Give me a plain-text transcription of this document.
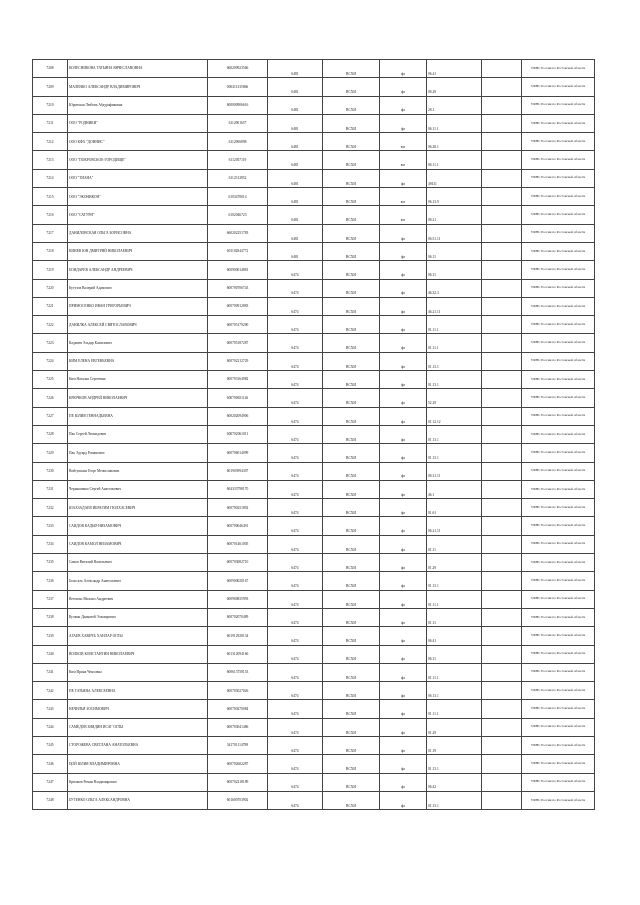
7208	КОЛЕСНИКОВА ТАТЬЯНА ВЯЧЕСЛАВОВНА	660200923566	6481	ВСХИ	фл	06.41		УФНС России по Ростовской области
7209	МАЛЕНКО АЛЕКСАНДР ВЛАДИМИРОВИЧ	000411335866	6481	ВСХИ	фл	06.29		УФНС России по Ростовской области
7210	Юровская Любовь Абдурафиковна	600000906616	6481	ВСХИ	фл	28.1		УФНС России по Ростовской области
7211	ООО "РОДНИКИ"	6112901657	6481	ВСХИ	фл	06.11.1		УФНС России по Ростовской области
7212	ООО КФХ "ДОННИС"	6112906898	6481	ВСХИ	юл	06.28.1		УФНС России по Ростовской области
7213	ООО "ПОКРОВСКОЕ-ГОРОДИЩЕ"	6112057119	6481	ВСХИ	юл	06.11.1		УФНС России по Ростовской области
7214	ООО "ТИАНА"	6112312852	6481	ВСХИ	фл	49411		УФНС России по Ростовской области
7215	ООО "ЭКОНИКОН"	6103478014	6481	ВСХИ	юл	06.13.9		УФНС России по Ростовской области
7216	ООО "САТУРН"	6102046723	6481	ВСХИ	юл	06.21		УФНС России по Ростовской области
7217	ДАНИЛОВСКАЯ ОЛЬГА БОРИСОВНА	660202251783	6481	ВСХИ	фл	06.51.11		УФНС России по Ростовской области
7218	КИНЕВ ЮН ДМИТРИЙ НИКОЛАЕВИЧ	601102844772	6481	ВСХИ	фл	06.11		УФНС России по Ростовской области
7219	БОНДАРЕВ АЛЕКСАНДР АНДРЕЕВИЧ	600900014881	6474	ВСХИ	фл	06.11		УФНС России по Ростовской области
7220	Кутузов Валерий Адамович	600700706743	6474	ВСХИ	фл	46.32.3		УФНС России по Ростовской области
7221	ПРИМОСЕНКО ИВАН ГРИГОРЬЕВИЧ	600700912883	6474	ВСХИ	фл	46.21.11		УФНС России по Ростовской области
7222	ДАНИЛКА АЛЕКСЕЙ СВЯТОСЛАВОВИЧ	600705179290	6474	ВСХИ	фл	01.11.1		УФНС России по Ростовской области
7223	Кадмаев Эльдар Камилович	600705187287	6474	ВСХИ	фл	01.11.1		УФНС России по Ростовской области
7224	КИМ ЕЛЕНА ЕВГЕНЬЕВНА	600702212729	6474	ВСХИ	фл	01.13.1		УФНС России по Ростовской области
7225	Ким Наталья Сергеевна	600703164982	6474	ВСХИ	фл	01.13.1		УФНС России по Ростовской области
7226	КРЮЧКОВ АНДРЕЙ НИКОЛАЕВИЧ	600700651126	6474	ВСХИ	фл	52.29		УФНС России по Ростовской области
7227	ПЕ ЮЛИЯ ГЕННАДЬЕВНА	600202094906	6474	ВСХИ	фл	01.12.12		УФНС России по Ростовской области
7228	Пак Сергей Леонидович	600702061011	6474	ВСХИ	фл	01.13.1		УФНС России по Ростовской области
7229	Пак Эдуард Романович	600706014099	6474	ВСХИ	фл	01.13.1		УФНС России по Ростовской области
7230	Войтушкин Георг Мечиславович	601903994307	6474	ВСХИ	фл	06.31.11		УФНС России по Ростовской области
7231	Чернышенко Сергей Анатольевич	604333798170	6474	ВСХИ	фл	46.1		УФНС России по Ростовской области
7232	ШАХЗАДАЕВ ИБРАГИМ ГЮЛХАСЕВИЧ	600700251892	6474	ВСХИ	фл	01.61		УФНС России по Ростовской области
7233	САИДОВ КАДЫР НИЗАМОВИЧ	600700046491	6474	ВСХИ	фл	06.21.11		УФНС России по Ростовской области
7234	САИДОВ КАМОЛ НИЗАМОВИЧ	600701461005	6474	ВСХИ	фл	01.11		УФНС России по Ростовской области
7235	Самов Виталий Васильевич	600703082710	6474	ВСХИ	фл	01.29		УФНС России по Ростовской области
7236	Бельсаль Александр Анатольевич	600900020167	6474	ВСХИ	фл	01.13.1		УФНС России по Ростовской области
7237	Ветошко Михаил Андреевич	600900835993	6474	ВСХИ	фл	01.11.1		УФНС России по Ростовской области
7238	Кучкин Дьяковой Эльмирович	600702070489	6474	ВСХИ	фл	01.11		УФНС России по Ростовской области
7239	АГАЕВ ХАВЕЧЪ ХАНЛАР ОГЛЫ	601912928134	6474	ВСХИ	фл	06.41		УФНС России по Ростовской области
7240	ВОЛКОВ КОНСТАНТИН НИКОЛАЕВИЧ	601312094166	6474	ВСХИ	фл	06.11		УФНС России по Ростовской области
7241	Ким Ирина Ченсовна	600613758153	6474	ВСХИ	фл	01.11.1		УФНС России по Ростовской области
7242	ПЕ ТАТЬЯНА АЛЕКСЕЕВНА	600703027026	6474	ВСХИ	фл	06.13.1		УФНС России по Ростовской области
7243	НЕЧИЛЬЯ ЗОСИМОВИЧ	600700270084	6474	ВСХИ	фл	01.11.1		УФНС России по Ростовской области
7244	САМЕДОВ ЗИЯДИН ИСАГ ОГЛЫ	600703041486	6474	ВСХИ	фл	01.29		УФНС России по Ростовской области
7245	СТОРОЖЕВА СВЕТЛАНА АНАТОЛЬЕВНА	341701114788	6474	ВСХИ	фл	01.19		УФНС России по Ростовской области
7246	ЦОЙ ЮЛИЯ ВЛАДИМИРОВНА	600702602287	6474	ВСХИ	фл	01.13.1		УФНС России по Ростовской области
7247	Крючков Роман Владимирович	600702218189	6474	ВСХИ	фл	06.42		УФНС России по Ростовской области
7248	БУТЕНКО ОЛЬГА АЛЕКСАНДРОВНА	601600703902	6474	ВСХИ	фл	01.13.1		УФНС России по Ростовской области
